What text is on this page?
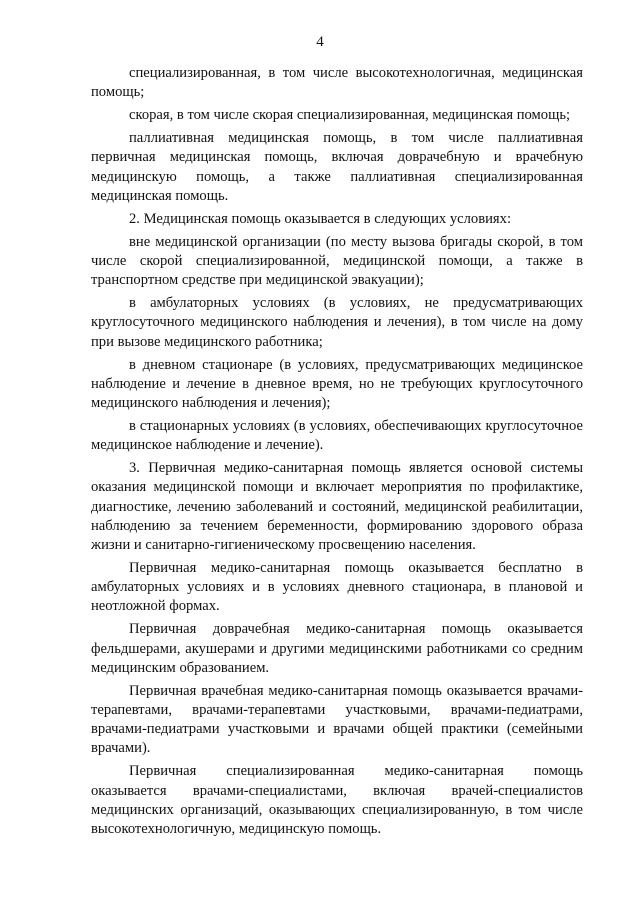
4

специализированная, в том числе высокотехнологичная, медицинская помощь;

скорая, в том числе скорая специализированная, медицинская помощь;

паллиативная медицинская помощь, в том числе паллиативная первичная медицинская помощь, включая доврачебную и врачебную медицинскую помощь, а также паллиативная специализированная медицинская помощь.

2. Медицинская помощь оказывается в следующих условиях:

вне медицинской организации (по месту вызова бригады скорой, в том числе скорой специализированной, медицинской помощи, а также в транспортном средстве при медицинской эвакуации);

в амбулаторных условиях (в условиях, не предусматривающих круглосуточного медицинского наблюдения и лечения), в том числе на дому при вызове медицинского работника;

в дневном стационаре (в условиях, предусматривающих медицинское наблюдение и лечение в дневное время, но не требующих круглосуточного медицинского наблюдения и лечения);

в стационарных условиях (в условиях, обеспечивающих круглосуточное медицинское наблюдение и лечение).

3. Первичная медико-санитарная помощь является основой системы оказания медицинской помощи и включает мероприятия по профилактике, диагностике, лечению заболеваний и состояний, медицинской реабилитации, наблюдению за течением беременности, формированию здорового образа жизни и санитарно-гигиеническому просвещению населения.

Первичная медико-санитарная помощь оказывается бесплатно в амбулаторных условиях и в условиях дневного стационара, в плановой и неотложной формах.

Первичная доврачебная медико-санитарная помощь оказывается фельдшерами, акушерами и другими медицинскими работниками со средним медицинским образованием.

Первичная врачебная медико-санитарная помощь оказывается врачами-терапевтами, врачами-терапевтами участковыми, врачами-педиатрами, врачами-педиатрами участковыми и врачами общей практики (семейными врачами).

Первичная специализированная медико-санитарная помощь оказывается врачами-специалистами, включая врачей-специалистов медицинских организаций, оказывающих специализированную, в том числе высокотехнологичную, медицинскую помощь.
